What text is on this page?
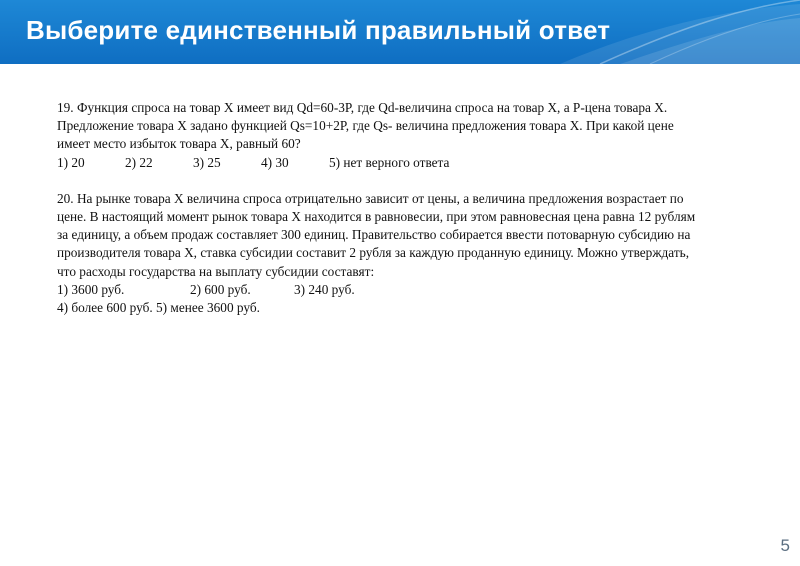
Выберите единственный правильный ответ

19. Функция спроса на товар Х имеет вид Qd=60-3P, где Qd-величина спроса на товар Х, а Р-цена товара Х.

Предложение товара Х задано функцией Qs=10+2P, где Qs- величина предложения товара Х. При какой цене

имеет место избыток товара Х, равный 60?

1) 20	2) 22	3) 25	4) 30	5) нет верного ответа

20. На рынке товара Х величина спроса отрицательно зависит от цены, а величина предложения возрастает по

цене. В настоящий момент рынок товара Х находится в равновесии, при этом равновесная цена равна 12 рублям

за единицу, а объем продаж составляет 300 единиц. Правительство собирается ввести потоварную субсидию на

производителя товара Х, ставка субсидии составит 2 рубля за каждую проданную единицу. Можно утверждать,

что расходы государства на выплату субсидии составят:

1) 3600 руб.	2) 600 руб.	3) 240 руб.

4) более 600 руб. 5) менее 3600 руб.

5
